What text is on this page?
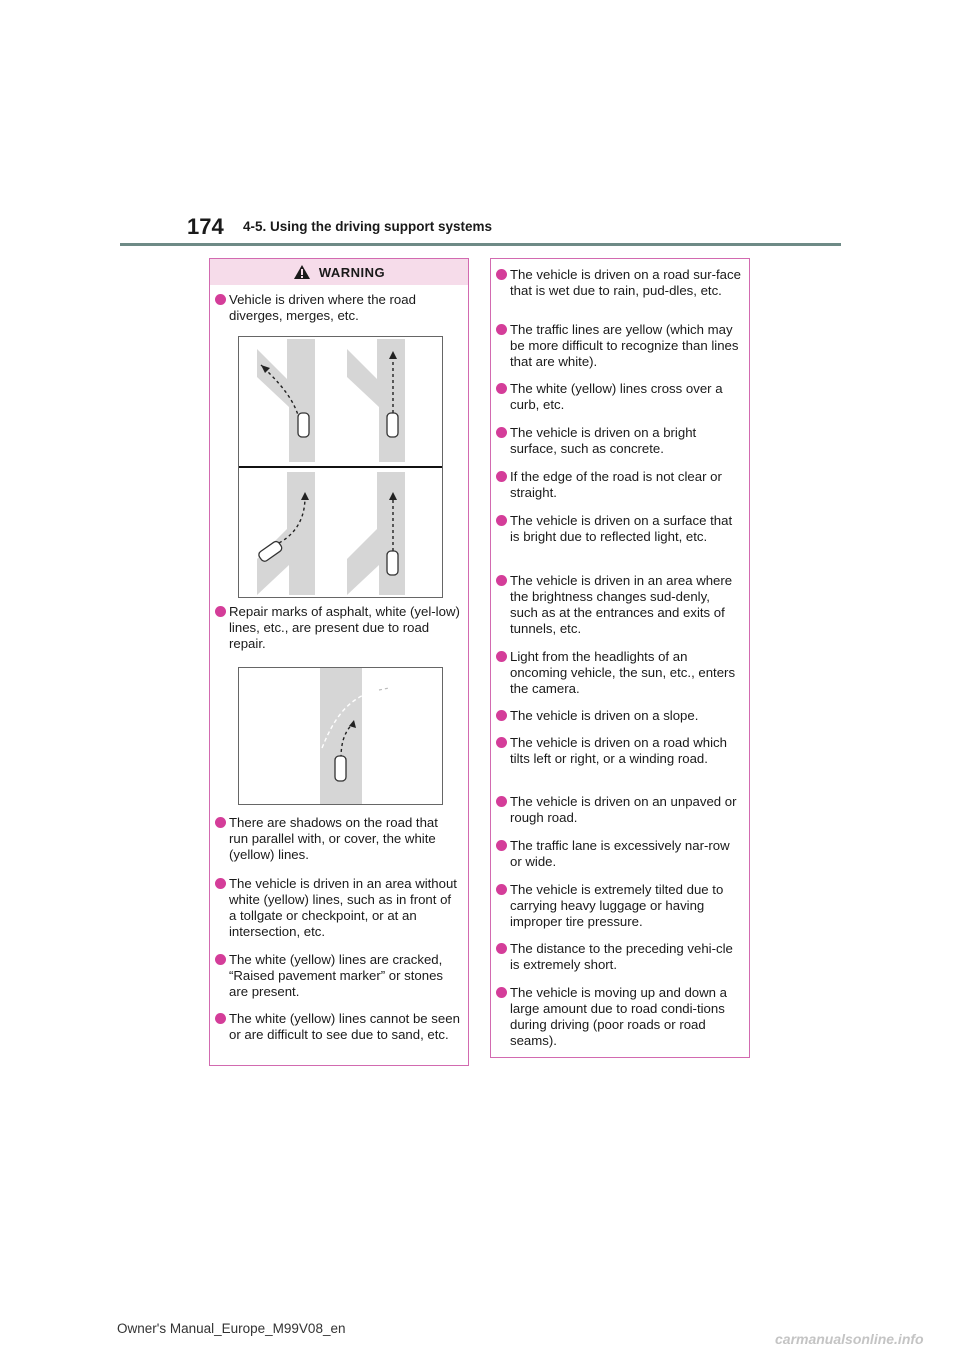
174 4-5. Using the driving support systems
WARNING
Vehicle is driven where the road diverges, merges, etc.
Repair marks of asphalt, white (yel-low) lines, etc., are present due to road repair.
There are shadows on the road that run parallel with, or cover, the white (yellow) lines.
The vehicle is driven in an area without white (yellow) lines, such as in front of a tollgate or checkpoint, or at an intersection, etc.
The white (yellow) lines are cracked, “Raised pavement marker” or stones are present.
The white (yellow) lines cannot be seen or are difficult to see due to sand, etc.
The vehicle is driven on a road sur-face that is wet due to rain, pud-dles, etc.
The traffic lines are yellow (which may be more difficult to recognize than lines that are white).
The white (yellow) lines cross over a curb, etc.
The vehicle is driven on a bright surface, such as concrete.
If the edge of the road is not clear or straight.
The vehicle is driven on a surface that is bright due to reflected light, etc.
The vehicle is driven in an area where the brightness changes sud-denly, such as at the entrances and exits of tunnels, etc.
Light from the headlights of an oncoming vehicle, the sun, etc., enters the camera.
The vehicle is driven on a slope.
The vehicle is driven on a road which tilts left or right, or a winding road.
The vehicle is driven on an unpaved or rough road.
The traffic lane is excessively nar-row or wide.
The vehicle is extremely tilted due to carrying heavy luggage or having improper tire pressure.
The distance to the preceding vehi-cle is extremely short.
The vehicle is moving up and down a large amount due to road condi-tions during driving (poor roads or road seams).
Owner's Manual_Europe_M99V08_en
carmanualsonline.info
